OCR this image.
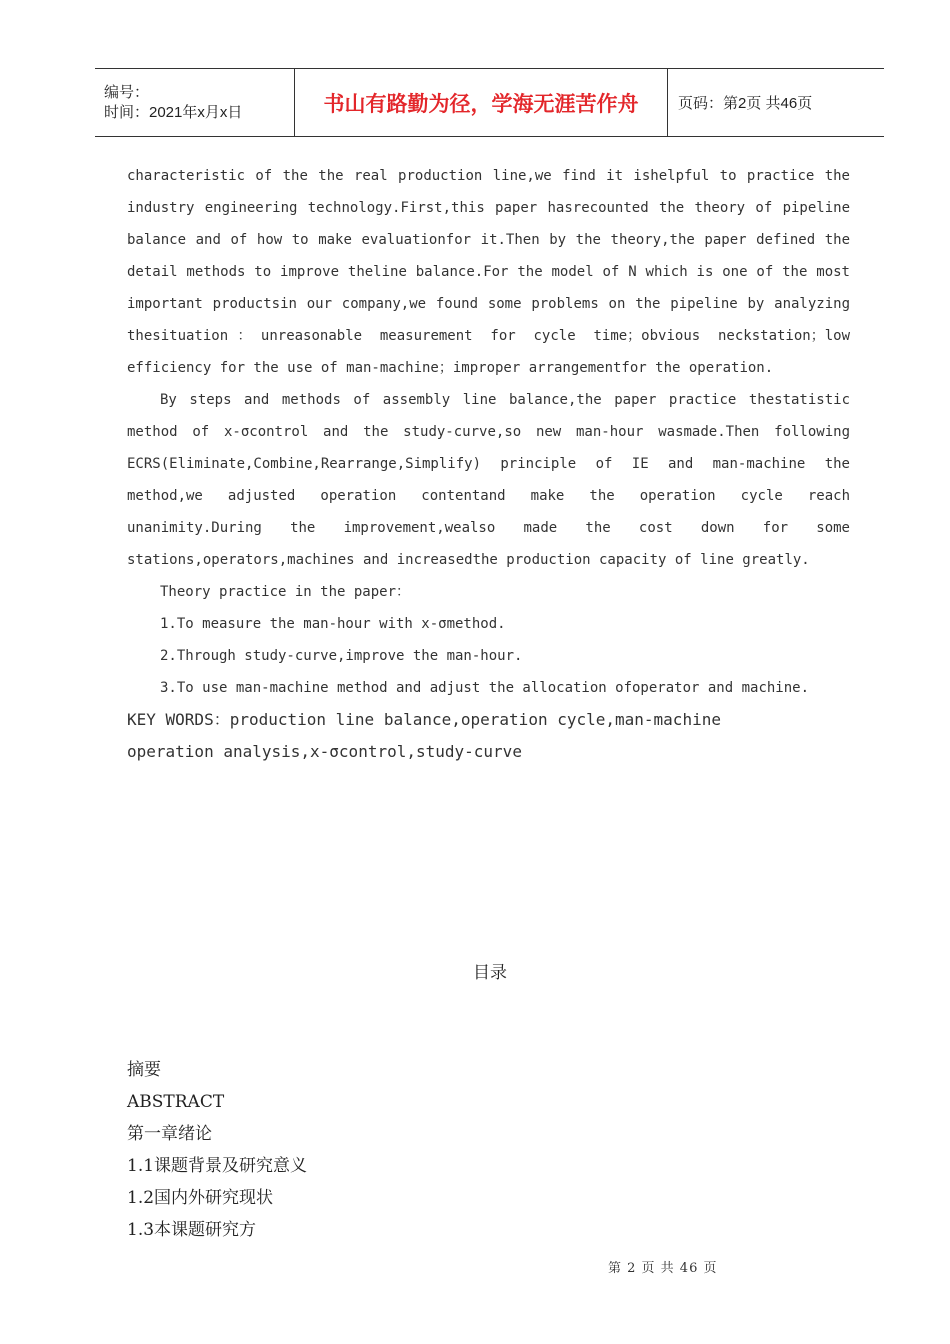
编号：
时间：2021年x月x日	书山有路勤为径，学海无涯苦作舟	页码：第2页 共46页

characteristic of the the real production line,we find it ishelpful to practice the industry engineering technology.First,this paper hasrecounted the theory of pipeline balance and of how to make evaluationfor it.Then by the theory,the paper defined the detail methods to improve theline balance.For the model of N which is one of the most important productsin our company,we found some problems on the pipeline by analyzing thesituation：unreasonable measurement for cycle time；obvious neckstation；low efficiency for the use of man-machine；improper arrangementfor the operation.

By steps and methods of assembly line balance,the paper practice thestatistic method of x-σcontrol and the study-curve,so new man-hour wasmade.Then following ECRS(Eliminate,Combine,Rearrange,Simplify) principle of IE and man-machine the method,we adjusted operation contentand make the operation cycle reach unanimity.During the improvement,wealso made the cost down for some stations,operators,machines and increasedthe production capacity of line greatly.

Theory practice in the paper：

1.To measure the man-hour with x-σmethod.

2.Through study-curve,improve the man-hour.

3.To use man-machine method and adjust the allocation ofoperator and machine.

KEY WORDS：production line balance,operation cycle,man-machine

operation analysis,x-σcontrol,study-curve

目录
摘要
ABSTRACT
第一章绪论
1.1课题背景及研究意义
1.2国内外研究现状
1.3本课题研究方
第 2 页 共 46 页
